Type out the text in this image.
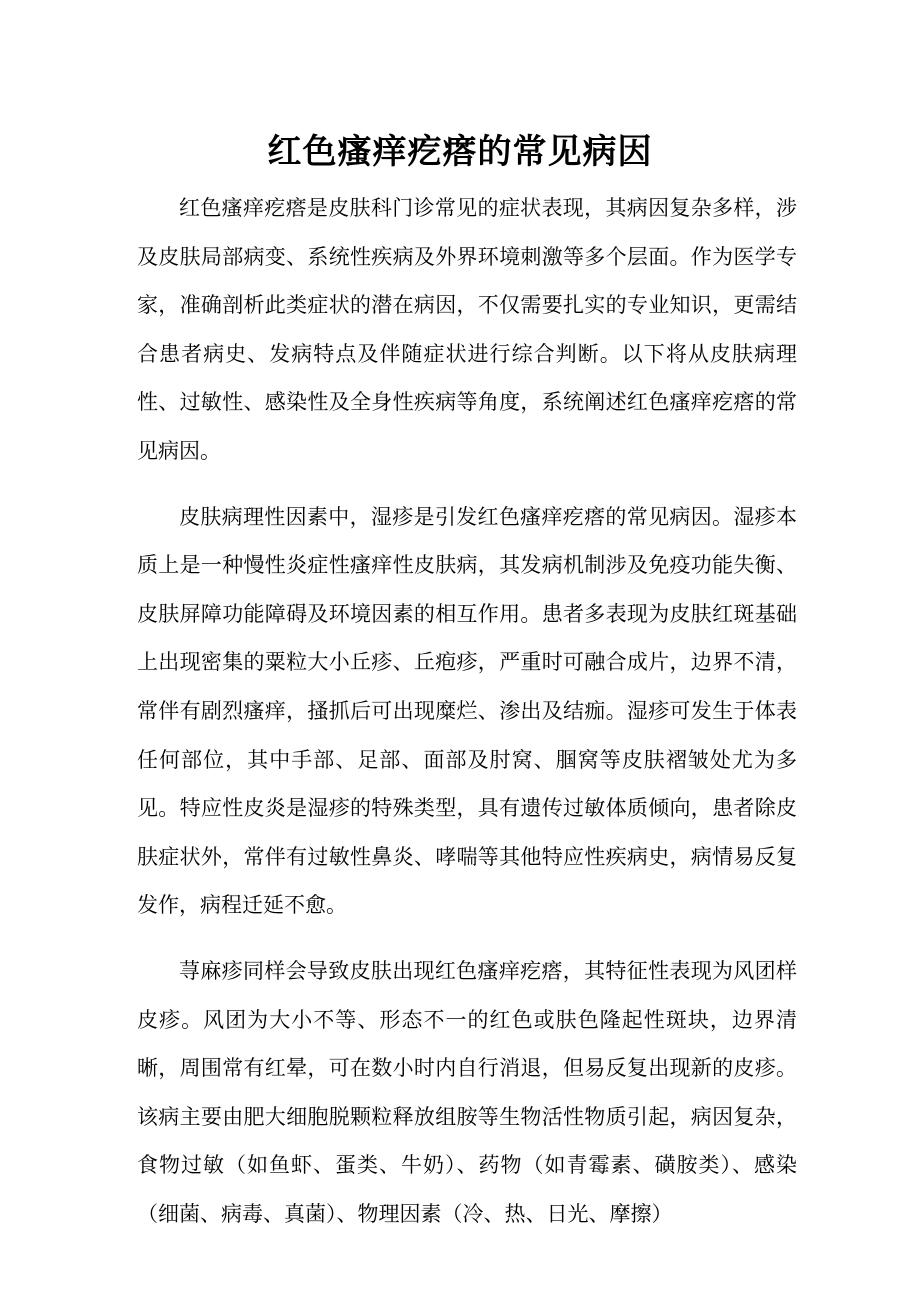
红色瘙痒疙瘩的常见病因

红色瘙痒疙瘩是皮肤科门诊常见的症状表现，其病因复杂多样，涉及皮肤局部病变、系统性疾病及外界环境刺激等多个层面。作为医学专家，准确剖析此类症状的潜在病因，不仅需要扎实的专业知识，更需结合患者病史、发病特点及伴随症状进行综合判断。以下将从皮肤病理性、过敏性、感染性及全身性疾病等角度，系统阐述红色瘙痒疙瘩的常见病因。

皮肤病理性因素中，湿疹是引发红色瘙痒疙瘩的常见病因。湿疹本质上是一种慢性炎症性瘙痒性皮肤病，其发病机制涉及免疫功能失衡、皮肤屏障功能障碍及环境因素的相互作用。患者多表现为皮肤红斑基础上出现密集的粟粒大小丘疹、丘疱疹，严重时可融合成片，边界不清，常伴有剧烈瘙痒，搔抓后可出现糜烂、渗出及结痂。湿疹可发生于体表任何部位，其中手部、足部、面部及肘窝、腘窝等皮肤褶皱处尤为多见。特应性皮炎是湿疹的特殊类型，具有遗传过敏体质倾向，患者除皮肤症状外，常伴有过敏性鼻炎、哮喘等其他特应性疾病史，病情易反复发作，病程迁延不愈。

荨麻疹同样会导致皮肤出现红色瘙痒疙瘩，其特征性表现为风团样皮疹。风团为大小不等、形态不一的红色或肤色隆起性斑块，边界清晰，周围常有红晕，可在数小时内自行消退，但易反复出现新的皮疹。该病主要由肥大细胞脱颗粒释放组胺等生物活性物质引起，病因复杂，食物过敏（如鱼虾、蛋类、牛奶）、药物（如青霉素、磺胺类）、感染（细菌、病毒、真菌）、物理因素（冷、热、日光、摩擦）
